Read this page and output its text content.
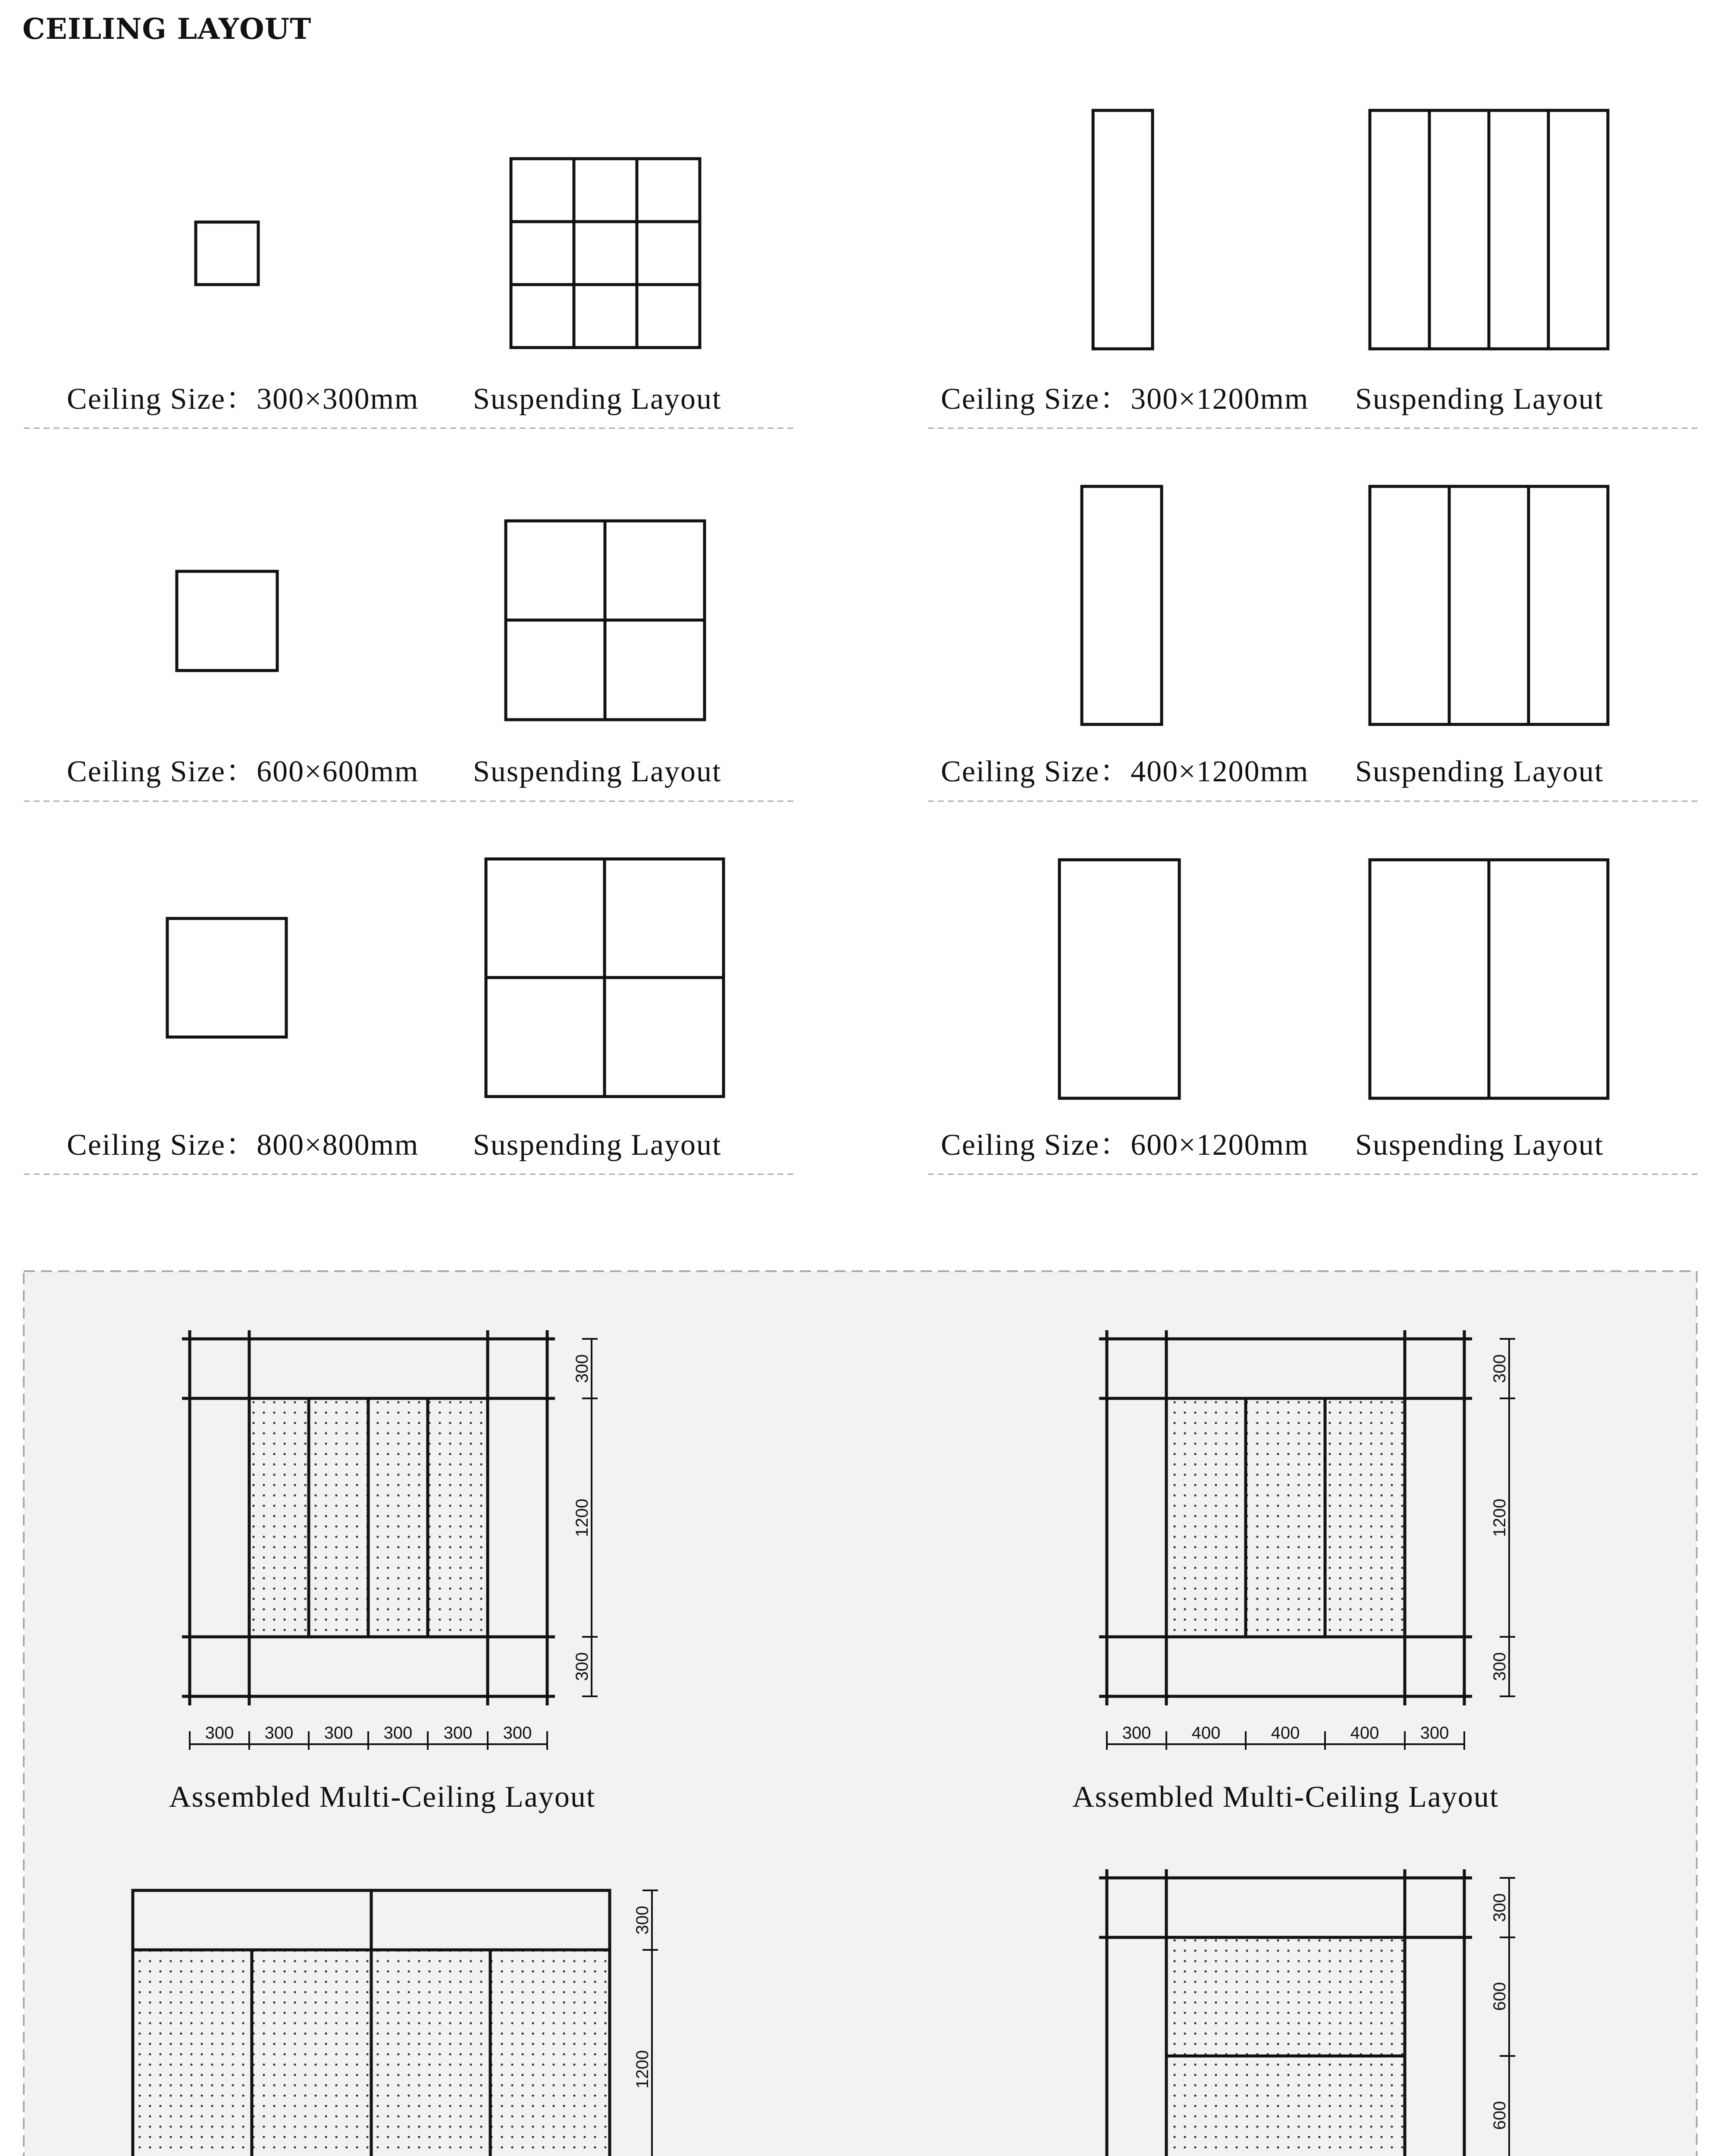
CEILING LAYOUT
Ceiling Size：300×300mm Suspending Layout	Ceiling Size：300×1200mm Suspending Layout
Ceiling Size：600×600mm Suspending Layout	Ceiling Size：400×1200mm Suspending Layout
Ceiling Size：800×800mm Suspending Layout	Ceiling Size：600×1200mm Suspending Layout
300 300 300 300 300 300
300
1200
300
300 400	400	400 300
300
1200
300
300
1200
300
600
600
Assembled Multi-Ceiling Layout	Assembled Multi-Ceiling Layout
